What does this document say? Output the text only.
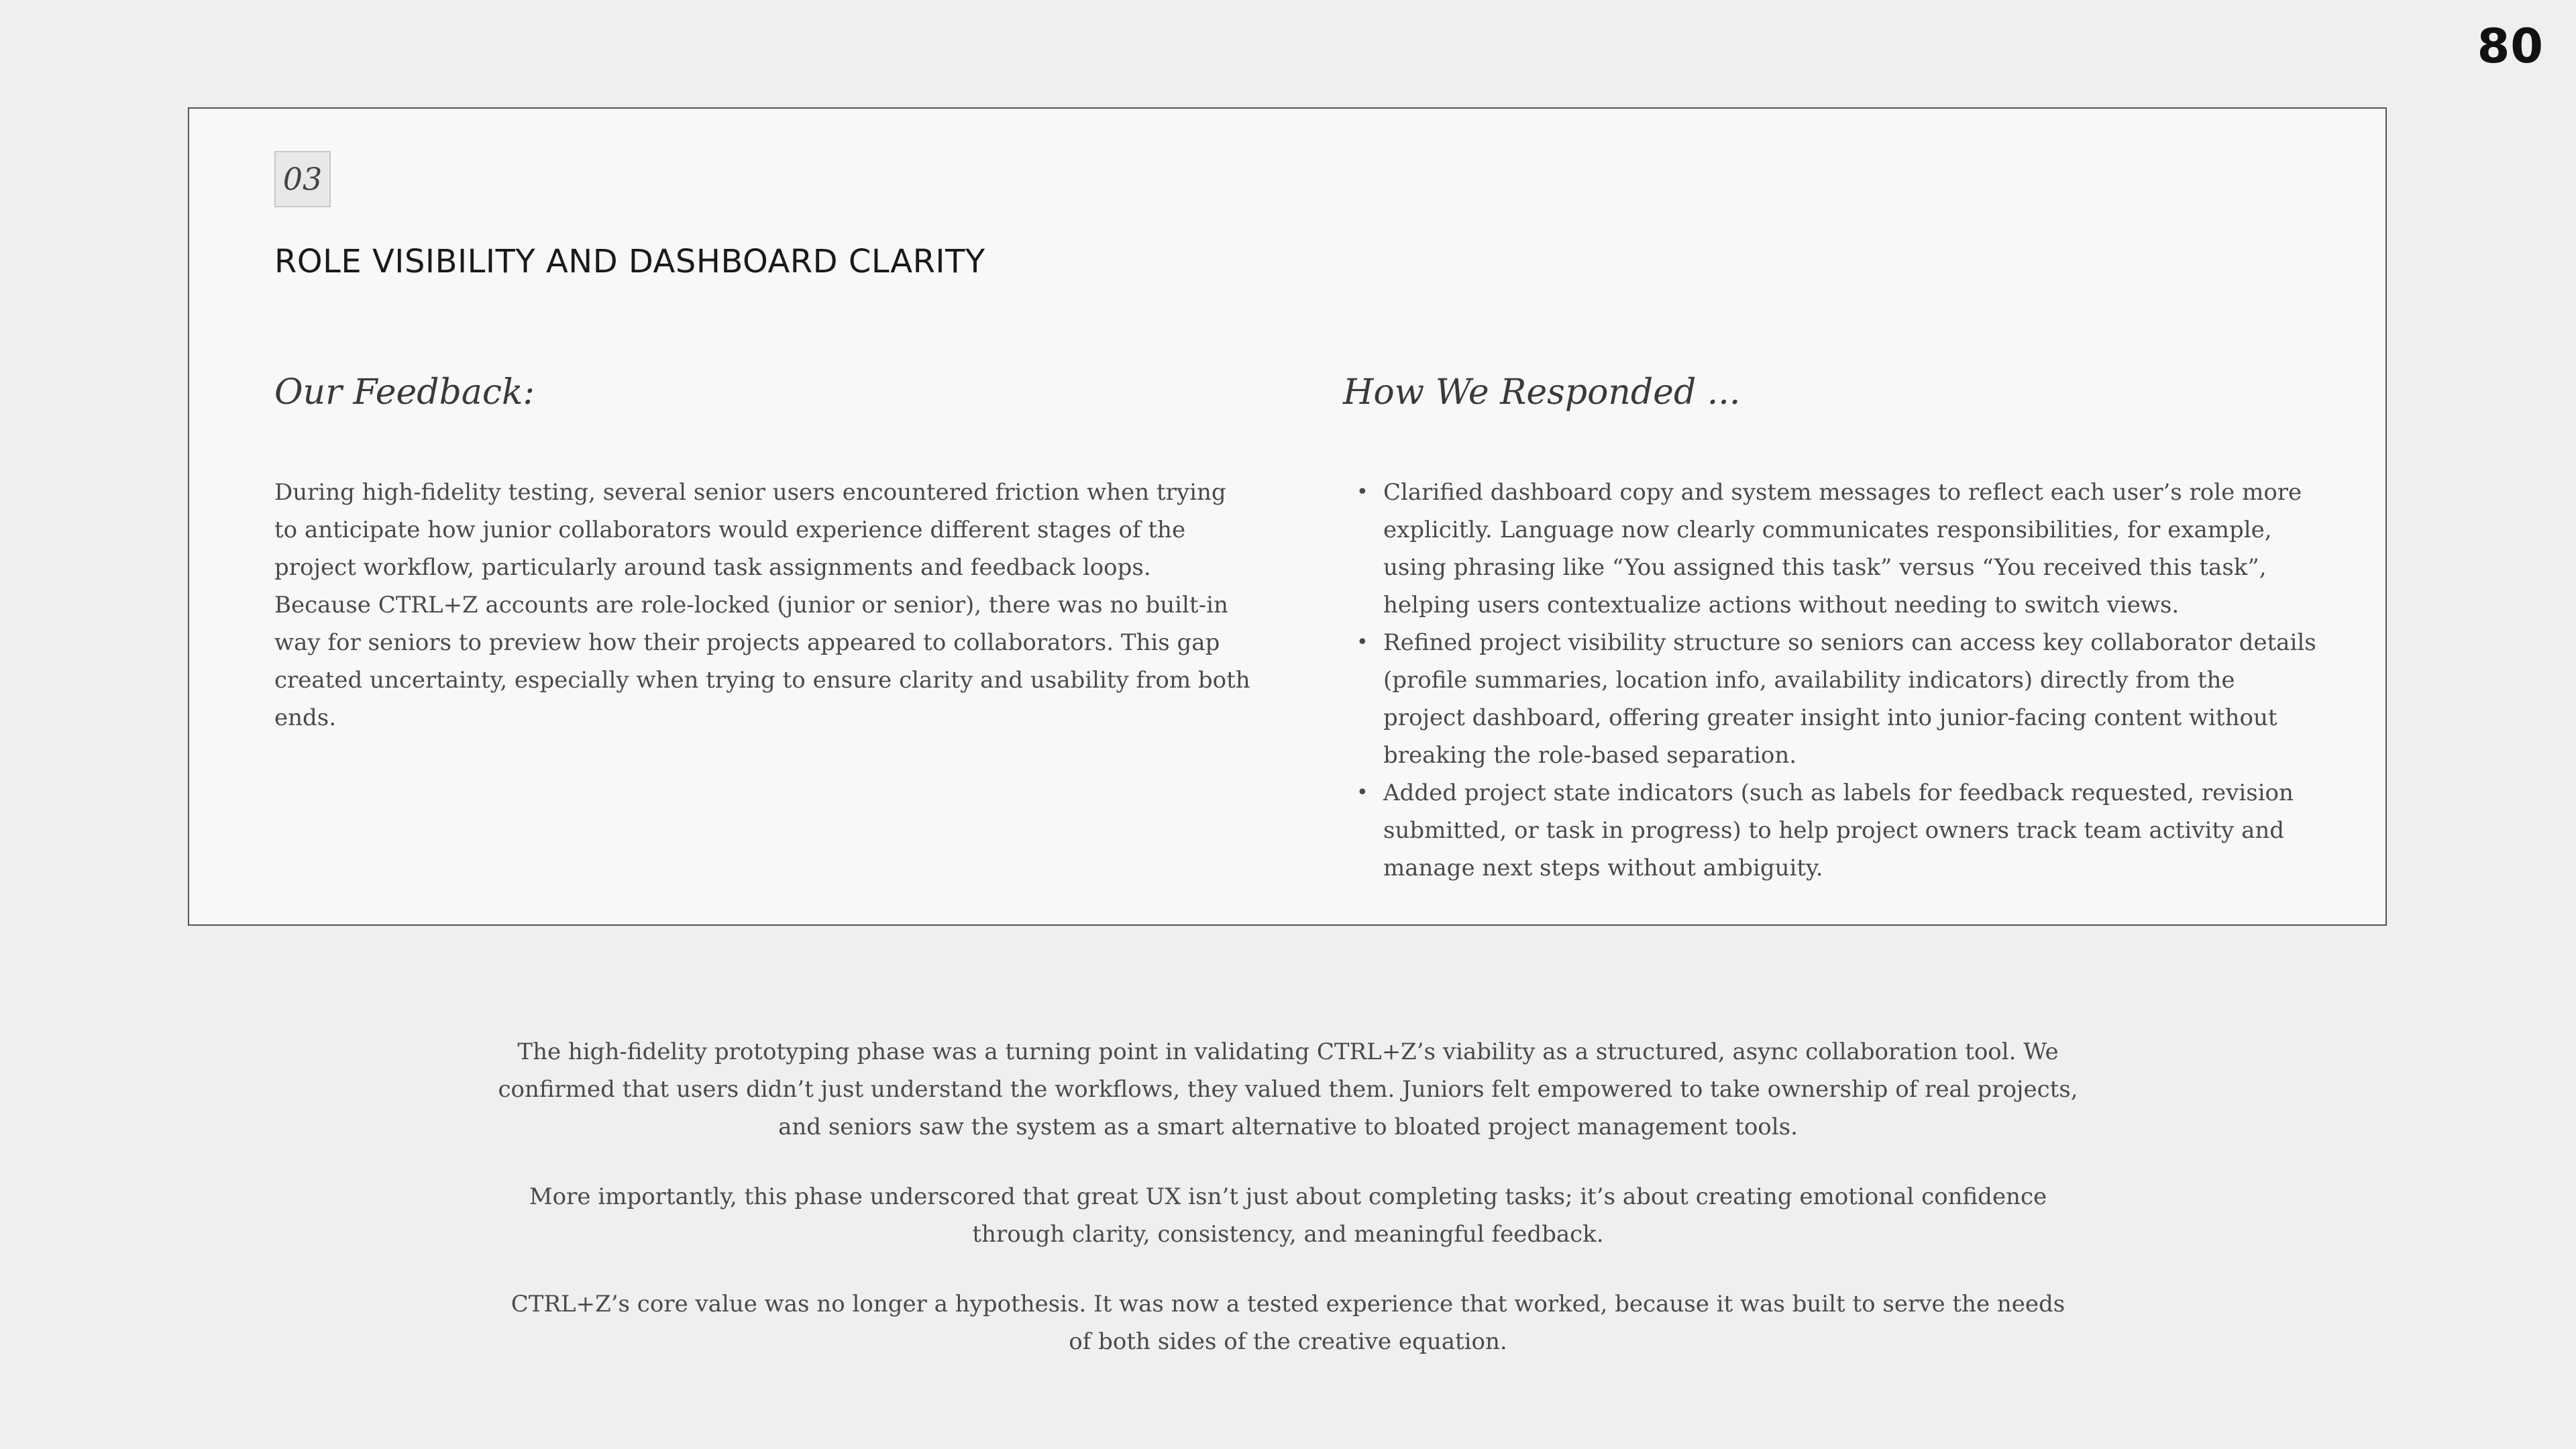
80
03
ROLE VISIBILITY AND DASHBOARD CLARITY
Our Feedback:

During high-fidelity testing, several senior users encountered friction when trying to anticipate how junior collaborators would experience different stages of the project workflow, particularly around task assignments and feedback loops. Because CTRL+Z accounts are role-locked (junior or senior), there was no built-in way for seniors to preview how their projects appeared to collaborators. This gap created uncertainty, especially when trying to ensure clarity and usability from both ends.

How We Responded ...
• Clarified dashboard copy and system messages to reflect each user’s role more explicitly. Language now clearly communicates responsibilities, for example, using phrasing like “You assigned this task” versus “You received this task”, helping users contextualize actions without needing to switch views.
• Refined project visibility structure so seniors can access key collaborator details (profile summaries, location info, availability indicators) directly from the project dashboard, offering greater insight into junior-facing content without breaking the role-based separation.
• Added project state indicators (such as labels for feedback requested, revision submitted, or task in progress) to help project owners track team activity and manage next steps without ambiguity.

The high-fidelity prototyping phase was a turning point in validating CTRL+Z’s viability as a structured, async collaboration tool. We confirmed that users didn’t just understand the workflows, they valued them. Juniors felt empowered to take ownership of real projects, and seniors saw the system as a smart alternative to bloated project management tools.

More importantly, this phase underscored that great UX isn’t just about completing tasks; it’s about creating emotional confidence through clarity, consistency, and meaningful feedback.

CTRL+Z’s core value was no longer a hypothesis. It was now a tested experience that worked, because it was built to serve the needs of both sides of the creative equation.
